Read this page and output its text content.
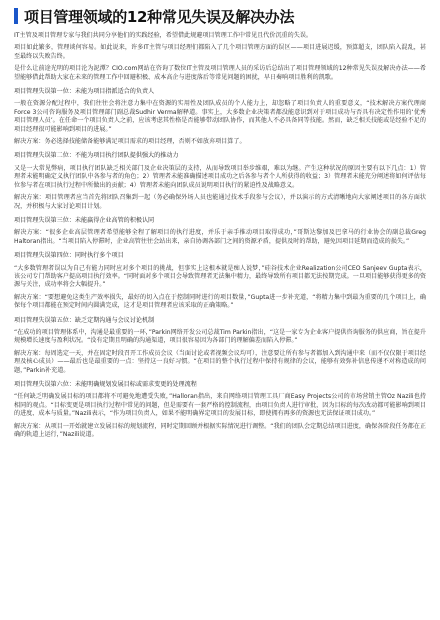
项目管理领域的12种常见失误及解决办法

IT主管及项目管理专家与我们共同分享他们的实践经验，希望借此规避项目管理工作中常见且代价沉重的失误。

项目如此繁多，管理谈何容易。如此说来，许多IT主管与项目经理们都陷入了几个项目管理方面的误区——项目进展迟缓，预算超支，团队陷入混乱，甚至最终以失败告终。

是什么让前途光明的项目沦为泥潭？CIO.com网站在咨询了数位IT主管及项目管理人员的采访后总结出了项目管理领域的12种常见失误及解决办法——希望能够借此帮助大家在未来的管理工作中回避积极、成本高企与进度落后等常见问题的困扰，早日奏响项目胜利的凯歌。

项目管理失误第一位：未能为项目指派适合的负责人

一般在资源分配过程中，我们往往会将注意力集中在资源的实用性及团队成员的个人能力上，却忽略了项目负责人的重要意义，“技术解决方案代理商Force 3公司咨询服务及项目管理部门副总裁Sudhir Verma解释道。事实上，大多数企业决策者都没能意识到对于项目成功与否具有决定性作用的‘优秀项目管理人员’。在任命一个项目负责人之前，应该考虑其性格是否能够带动团队协作，而其他人不必具备同等技能。然而，缺乏相关技能或是经验不足的项目经理很可能影响到项目的进展。”

解决方案：务必选择技能储备能够满足项目需求的项目经理，否则不如放弃项目算了。

项目管理失误第二位：不能为项目执行团队提供强大的推动力

又是一大常见弊病，项目执行团队缺乏相关部门及企业决策层的支持，从而导致项目举步维艰，难以为继。产生这种状况的原因主要有以下几点：1）管理者未能明确定义执行团队中各参与者的角色；2）管理者未能准确描述项目成功之后各参与者个人所获得的收益；3）管理者未能充分阐述将如何评估每位参与者在项目执行过程中所做出的贡献；4）管理者未能向团队成员说明项目执行的紧迫性及战略意义。

解决方案：项目管理者应当首先将团队召集到一起（务必确保外场人员也能通过技术手段参与会议），并以演示的方式清晰地向大家阐述项目的各方面状况，并积极与大家讨论项目计划。

项目管理失误第三位：未能赢得企业高管的积极认同

解决方案：“很多企业高层管理者希望能够全程了解项目的执行进度，并乐于亲手推动项目取得成功，”哥斯达黎加及巴拿马的行业协会的副总裁Greg Haltoran指出。“当项目陷入停滞时，企业高管往往会站出来，亲自协调各部门之间的资源矛盾，提供及时的帮助，避免因项目延期而造成的损失。”

项目管理失误第四位：同时执行多个项目

“大多数管理者误以为自己有能力同时应对多个项目的挑战，但事实上这根本就是痴人说梦，”硅谷技术企业Realization公司CEO Sanjeev Gupta表示，该公司专门帮助客户提高项目执行效率。“同时面对多个项目会导致管理者无法集中精力，最终导致所有项目都无法按期完成。一旦项目能够获得更多的资源与关注，成功率将会大幅提升。”

解决方案：“要想避免这类生产效率损失，最好的切入点在于控制同时进行的项目数量，”Gupta进一步补充道，“将精力集中到最为重要的几个项目上，确保每个项目都能在预定时间内圆满完成，这才是项目管理者应该采取的正确策略。”

项目管理失误第五位：缺乏定期沟通与会议讨论机制

“在成功的项目管理体系中，沟通是最重要的一环，”Parkin网络开发公司总裁Tim Parkin指出，“这是一家专为企业客户提供咨询服务的供应商，旨在提升规模增长速度与盈利状况。“没有定期且明确的沟通渠道，项目很容易因为各部门的理解偏差而陷入停滞。”

解决方案：每周选定一天，并在固定时段召开工作成员会议（当面讨论或者视频会议均可），注意要让所有参与者都加入到沟通中来（而不仅仅限于项目经理及核心成员）——最后也是最重要的一点：坚持这一良好习惯。“在项目的整个执行过程中保持有规律的会议，能够有效弥补信息传递不对称造成的问题，”Parkin补充道。

项目管理失误第六位：未能明确规划发展目标或需求变更的处理流程

“任何缺乏明确发展目标的项目都将不可避免地遭受失败，”Halloran指出，来自网络项目管理工具厂商Easy Projects公司的市场营销主管Oz Nazili也持相同的观点。“目标变更是项目执行过程中常见的问题，但是需要有一套严格的控制流程，由项目负责人进行审批，因为目标的每次改动都可能影响到项目的进度、成本与质量。”Nazili表示，“作为项目负责人，如果不能明确界定项目的发展目标，即使拥有再多的资源也无法保证项目成功。”

解决方案：从项目一开始就建立发展目标的规划流程，同时定期回顾并根据实际情况进行调整。“我们的团队会定期总结项目进度，确保各阶段任务都在正确的轨道上运行，”Nazili说道。
